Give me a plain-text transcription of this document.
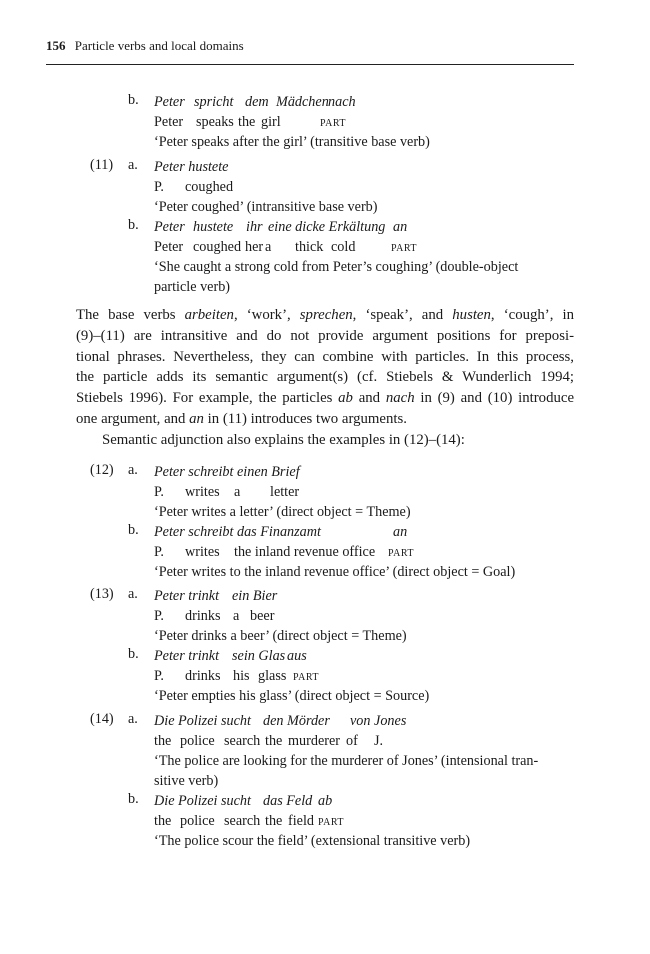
156 Particle verbs and local domains
b. Peter spricht dem Mädchen nach
Peter speaks the girl	part
‘Peter speaks after the girl’ (transitive base verb)
(11) a. Peter hustete
P. coughed
‘Peter coughed’ (intransitive base verb)
b. Peter hustete ihr eine dicke Erkältung an
Peter coughed her a thick cold	part
‘She caught a strong cold from Peter’s coughing’ (double-object
particle verb)
The base verbs arbeiten, ‘work’, sprechen, ‘speak’, and husten, ‘cough’, in
(9)–(11) are intransitive and do not provide argument positions for preposi-
tional phrases. Nevertheless, they can combine with particles. In this process,
the particle adds its semantic argument(s) (cf. Stiebels & Wunderlich 1994;
Stiebels 1996). For example, the particles ab and nach in (9) and (10) introduce
one argument, and an in (11) introduces two arguments.
Semantic adjunction also explains the examples in (12)–(14):
(12) a. Peter schreibt einen Brief
P. writes a letter
‘Peter writes a letter’ (direct object = Theme)
b. Peter schreibt das Finanzamt	an
P. writes the inland revenue office part
‘Peter writes to the inland revenue office’ (direct object = Goal)
(13) a. Peter trinkt ein Bier
P. drinks a beer
‘Peter drinks a beer’ (direct object = Theme)
b. Peter trinkt sein Glas aus
P. drinks his glass part
‘Peter empties his glass’ (direct object = Source)
(14) a. Die Polizei sucht den Mörder von Jones
the police search the murderer of J.
‘The police are looking for the murderer of Jones’ (intensional tran-
sitive verb)
b. Die Polizei sucht das Feld ab
the police search the field part
‘The police scour the field’ (extensional transitive verb)
